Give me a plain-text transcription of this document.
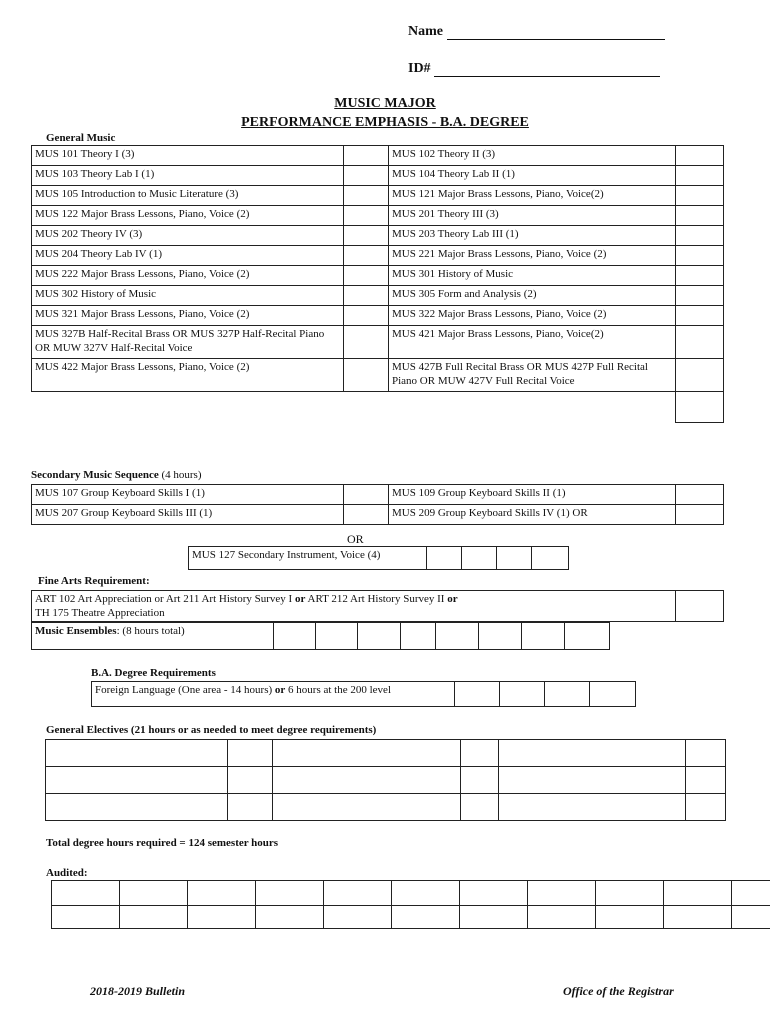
Name
ID#
MUSIC MAJOR
PERFORMANCE EMPHASIS - B.A. DEGREE
General Music
MUS 101 Theory I (3)		MUS 102 Theory II (3)	
MUS 103 Theory Lab I (1)		MUS 104 Theory Lab II (1)	
MUS 105 Introduction to Music Literature (3)		MUS 121 Major Brass Lessons, Piano, Voice(2)	
MUS 122 Major Brass Lessons, Piano, Voice (2)		MUS 201 Theory III (3)	
MUS 202 Theory IV (3)		MUS 203 Theory Lab III (1)	
MUS 204 Theory Lab IV (1)		MUS 221 Major Brass Lessons, Piano, Voice (2)	
MUS 222 Major Brass Lessons, Piano, Voice (2)		MUS 301 History of Music	
MUS 302 History of Music		MUS 305 Form and Analysis (2)	
MUS 321 Major Brass Lessons, Piano, Voice (2)		MUS 322 Major Brass Lessons, Piano, Voice (2)	
MUS 327B Half-Recital Brass OR MUS 327P Half-Recital Piano OR MUW 327V Half-Recital Voice		MUS 421 Major Brass Lessons, Piano, Voice(2)	
MUS 422 Major Brass Lessons, Piano, Voice (2)		MUS 427B Full Recital Brass OR MUS 427P Full Recital Piano OR MUW 427V Full Recital Voice	

Secondary Music Sequence (4 hours)
MUS 107 Group Keyboard Skills I (1)		MUS 109 Group Keyboard Skills II (1)	
MUS 207 Group Keyboard Skills III (1)		MUS 209 Group Keyboard Skills IV (1) OR	
OR
MUS 127 Secondary Instrument, Voice (4)				
Fine Arts Requirement:
ART 102 Art Appreciation or Art 211 Art History Survey I or ART 212 Art History Survey II or
TH 175 Theatre Appreciation	
Music Ensembles: (8 hours total)								
B.A. Degree Requirements
Foreign Language (One area - 14 hours) or 6 hours at the 200 level				
General Electives (21 hours or as needed to meet degree requirements)

Total degree hours required = 124 semester hours
Audited:

2018-2019 Bulletin	Office of the Registrar
